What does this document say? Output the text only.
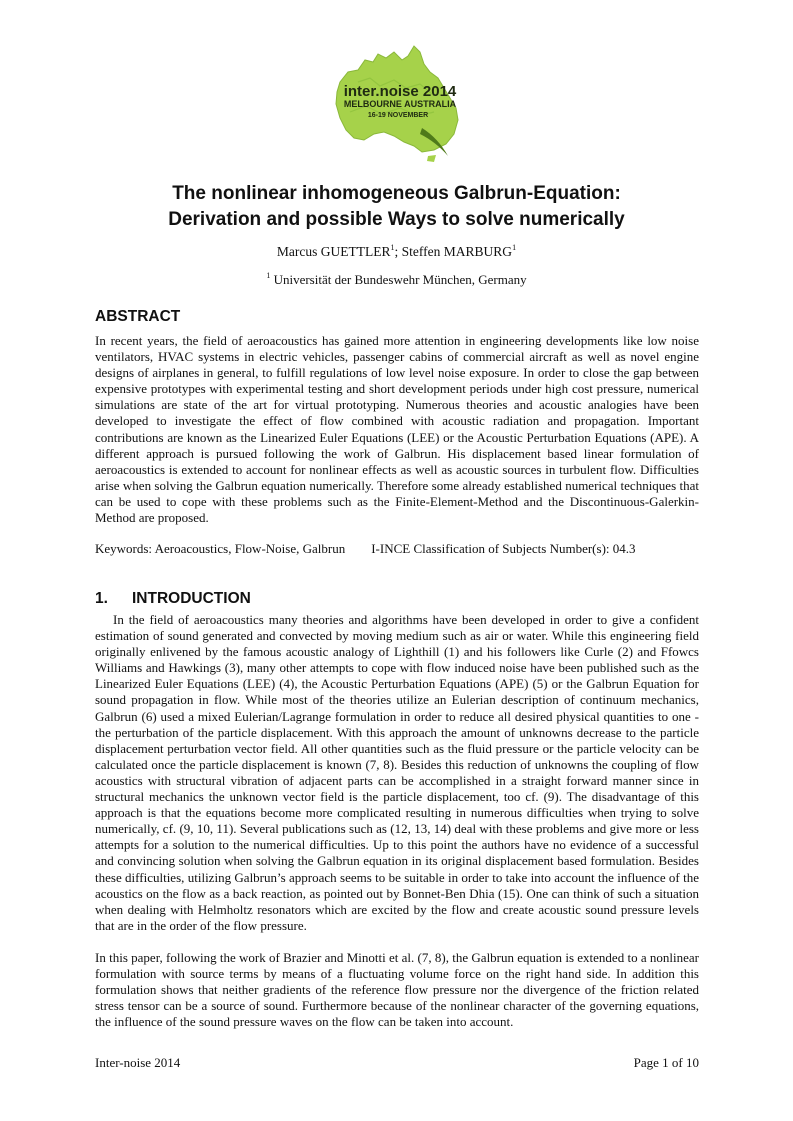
inter.noise 2014
MELBOURNE AUSTRALIA
16-19 NOVEMBER
The nonlinear inhomogeneous Galbrun-Equation:
Derivation and possible Ways to solve numerically
Marcus GUETTLER$^1$; Steffen MARBURG$^1$
$^1$ Universität der Bundeswehr München, Germany
ABSTRACT
In recent years, the field of aeroacoustics has gained more attention in engineering developments like low noise ventilators, HVAC systems in electric vehicles, passenger cabins of commercial aircraft as well as novel engine designs of airplanes in general, to fulfill regulations of low level noise exposure. In order to close the gap between expensive prototypes with experimental testing and short development periods under high cost pressure, numerical simulations are state of the art for virtual prototyping. Numerous theories and acoustic analogies have been developed to investigate the effect of flow combined with acoustic radiation and propagation. Important contributions are known as the Linearized Euler Equations (LEE) or the Acoustic Perturbation Equations (APE). A different approach is pursued following the work of Galbrun. His displacement based linear formulation of aeroacoustics is extended to account for nonlinear effects as well as acoustic sources in turbulent flow. Difficulties arise when solving the Galbrun equation numerically. Therefore some already established numerical techniques that can be used to cope with these problems such as the Finite-Element-Method and the Discontinuous-Galerkin-Method are proposed.
Keywords: Aeroacoustics, Flow-Noise, Galbrun I-INCE Classification of Subjects Number(s): 04.3
1. INTRODUCTION
In the field of aeroacoustics many theories and algorithms have been developed in order to give a confident estimation of sound generated and convected by moving medium such as air or water. While this engineering field originally enlivened by the famous acoustic analogy of Lighthill (1) and his followers like Curle (2) and Ffowcs Williams and Hawkings (3), many other attempts to cope with flow induced noise have been published such as the Linearized Euler Equations (LEE) (4), the Acoustic Perturbation Equations (APE) (5) or the Galbrun Equation for sound propagation in flow. While most of the theories utilize an Eulerian description of continuum mechanics, Galbrun (6) used a mixed Eulerian/Lagrange formulation in order to reduce all desired physical quantities to one - the perturbation of the particle displacement. With this approach the amount of unknowns decrease to the particle displacement perturbation vector field. All other quantities such as the fluid pressure or the particle velocity can be calculated once the particle displacement is known (7, 8). Besides this reduction of unknowns the coupling of flow acoustics with structural vibration of adjacent parts can be accomplished in a straight forward manner since in structural mechanics the unknown vector field is the particle displacement, too cf. (9). The disadvantage of this approach is that the equations become more complicated resulting in numerous difficulties when trying to solve numerically, cf. (9, 10, 11). Several publications such as (12, 13, 14) deal with these problems and give more or less attempts for a solution to the numerical difficulties. Up to this point the authors have no evidence of a successful and convincing solution when solving the Galbrun equation in its original displacement based formulation. Besides these difficulties, utilizing Galbrun’s approach seems to be suitable in order to take into account the influence of the acoustics on the flow as a back reaction, as pointed out by Bonnet-Ben Dhia (15). One can think of such a situation when dealing with Helmholtz resonators which are excited by the flow and create acoustic sound pressure levels that are in the order of the flow pressure.
In this paper, following the work of Brazier and Minotti et al. (7, 8), the Galbrun equation is extended to a nonlinear formulation with source terms by means of a fluctuating volume force on the right hand side. In addition this formulation shows that neither gradients of the reference flow pressure nor the divergence of the friction related stress tensor can be a source of sound. Furthermore because of the nonlinear character of the governing equations, the influence of the sound pressure waves on the flow can be taken into account.
Inter-noise 2014	Page 1 of 10
